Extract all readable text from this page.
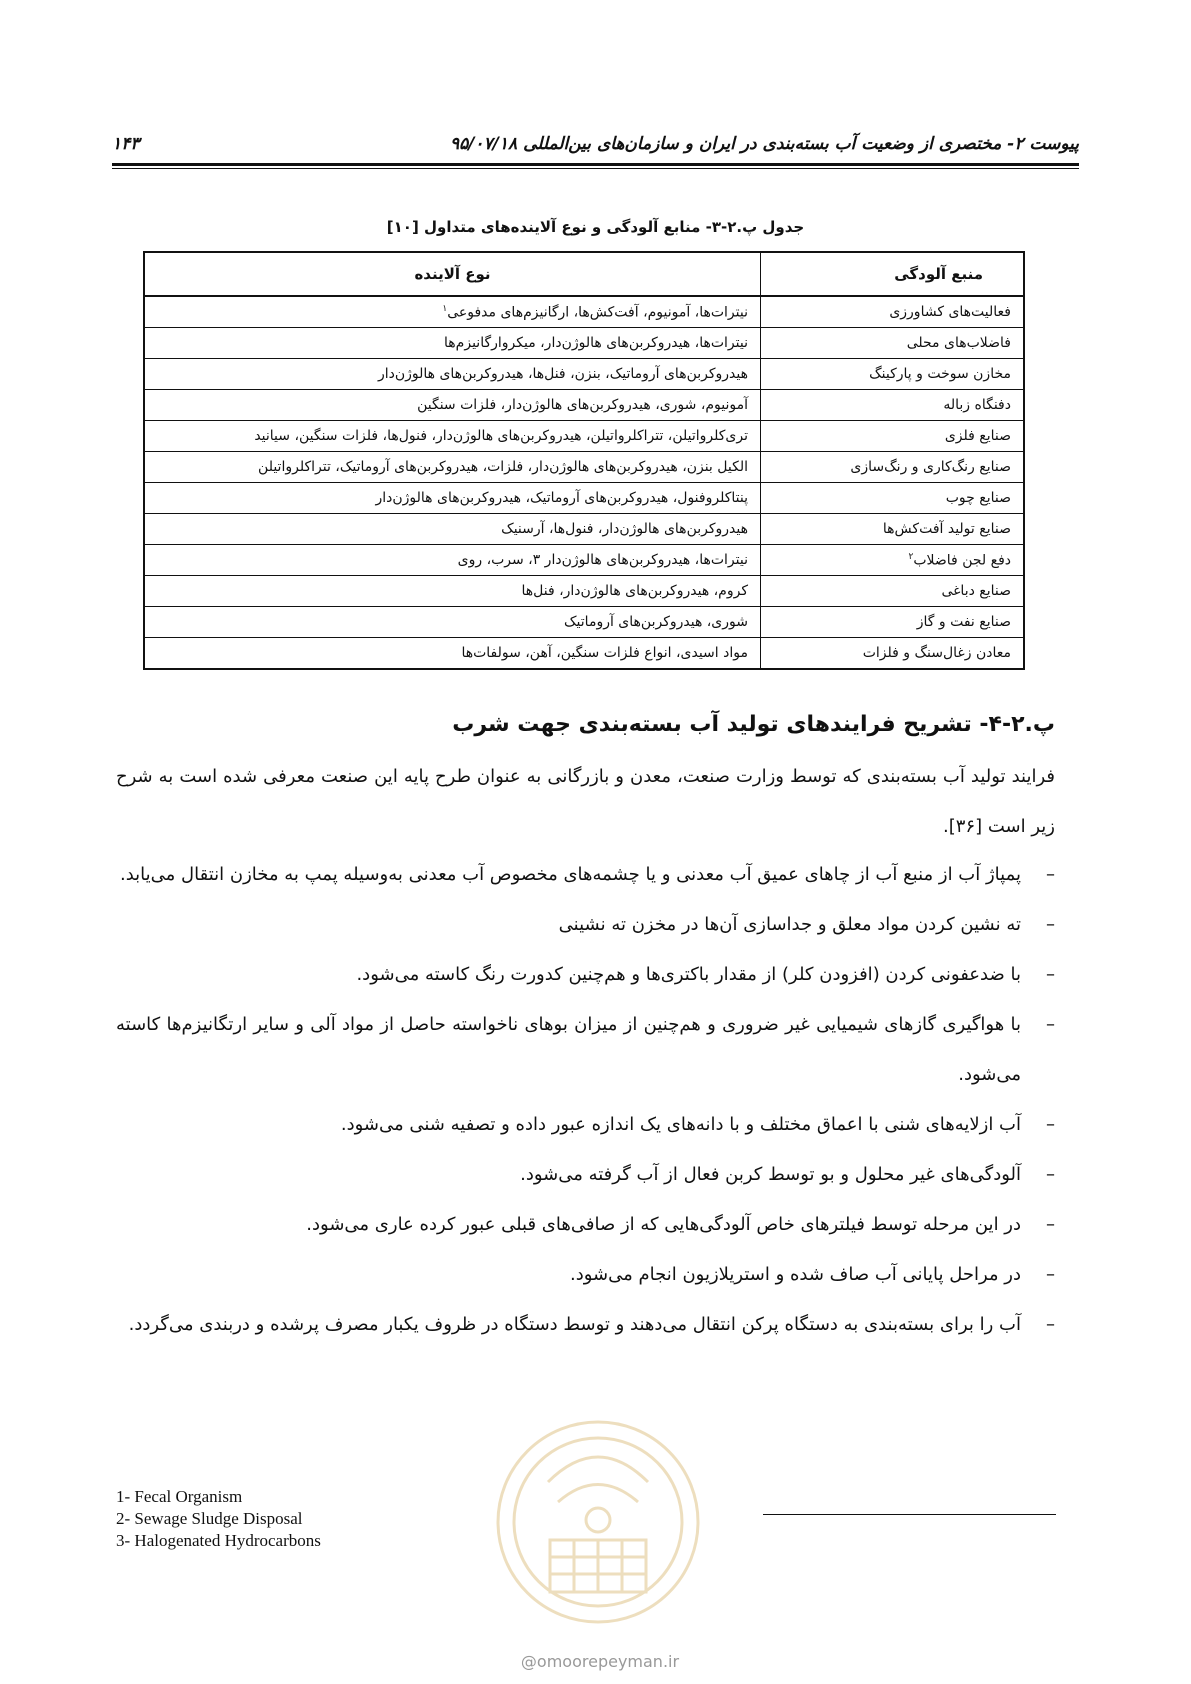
۱۴۳	پیوست ۲- مختصری از وضعیت آب بسته‌بندی در ایران و سازمان‌های بین‌المللی ۹۵/۰۷/۱۸
جدول پ.۲-۳- منابع آلودگی و نوع آلاینده‌های متداول [۱۰]
منبع آلودگی	نوع آلاینده
فعالیت‌های کشاورزی	نیترات‌ها، آمونیوم، آفت‌کش‌ها، ارگانیزم‌های مدفوعی$^۱$
فاضلاب‌های محلی	نیترات‌ها، هیدروکربن‌های هالوژن‌دار، میکروارگانیزم‌ها
مخازن سوخت و پارکینگ	هیدروکربن‌های آروماتیک، بنزن، فنل‌ها، هیدروکربن‌های هالوژن‌دار
دفنگاه زباله	آمونیوم، شوری، هیدروکربن‌های هالوژن‌دار، فلزات سنگین
صنایع فلزی	تری‌کلرواتیلن، تتراکلرواتیلن، هیدروکربن‌های هالوژن‌دار، فنول‌ها، فلزات سنگین، سیانید
صنایع رنگ‌کاری و رنگ‌سازی	الکیل بنزن، هیدروکربن‌های هالوژن‌دار، فلزات، هیدروکربن‌های آروماتیک، تتراکلرواتیلن
صنایع چوب	پنتاکلروفنول، هیدروکربن‌های آروماتیک، هیدروکربن‌های هالوژن‌دار
صنایع تولید آفت‌کش‌ها	هیدروکربن‌های هالوژن‌دار، فنول‌ها، آرسنیک
دفع لجن فاضلاب$^۲$	نیترات‌ها، هیدروکربن‌های هالوژن‌دار ۳، سرب، روی
صنایع دباغی	کروم، هیدروکربن‌های هالوژن‌دار، فنل‌ها
صنایع نفت و گاز	شوری، هیدروکربن‌های آروماتیک
معادن زغال‌سنگ و فلزات	مواد اسیدی، انواع فلزات سنگین، آهن، سولفات‌ها
پ.۲-۴- تشریح فرایندهای تولید آب بسته‌بندی جهت شرب
فرایند تولید آب بسته‌بندی که توسط وزارت صنعت، معدن و بازرگانی به عنوان طرح پایه این صنعت معرفی شده است به شرح زیر است [۳۶].
–
پمپاژ آب از منبع آب از چاهای عمیق آب معدنی و یا چشمه‌های مخصوص آب معدنی به‌وسیله پمپ به مخازن انتقال می‌یابد.
–
ته نشین کردن مواد معلق و جداسازی آن‌ها در مخزن ته نشینی
–
با ضدعفونی کردن (افزودن کلر) از مقدار باکتری‌ها و هم‌چنین کدورت رنگ کاسته می‌شود.
–
با هواگیری گازهای شیمیایی غیر ضروری و هم‌چنین از میزان بوهای ناخواسته حاصل از مواد آلی و سایر ارتگانیزم‌ها کاسته می‌شود.
–
آب ازلایه‌های شنی با اعماق مختلف و با دانه‌های یک اندازه عبور داده و تصفیه شنی می‌شود.
–
آلودگی‌های غیر محلول و بو توسط کربن فعال از آب گرفته می‌شود.
–
در این مرحله توسط فیلترهای خاص آلودگی‌هایی که از صافی‌های قبلی عبور کرده عاری می‌شود.
–
در مراحل پایانی آب صاف شده و استریلازیون انجام می‌شود.
–
آب را برای بسته‌بندی به دستگاه پرکن انتقال می‌دهند و توسط دستگاه در ظروف یکبار مصرف پرشده و دربندی می‌گردد.
@omoorepeyman.ir
1- Fecal Organism
2- Sewage Sludge Disposal
3- Halogenated Hydrocarbons
